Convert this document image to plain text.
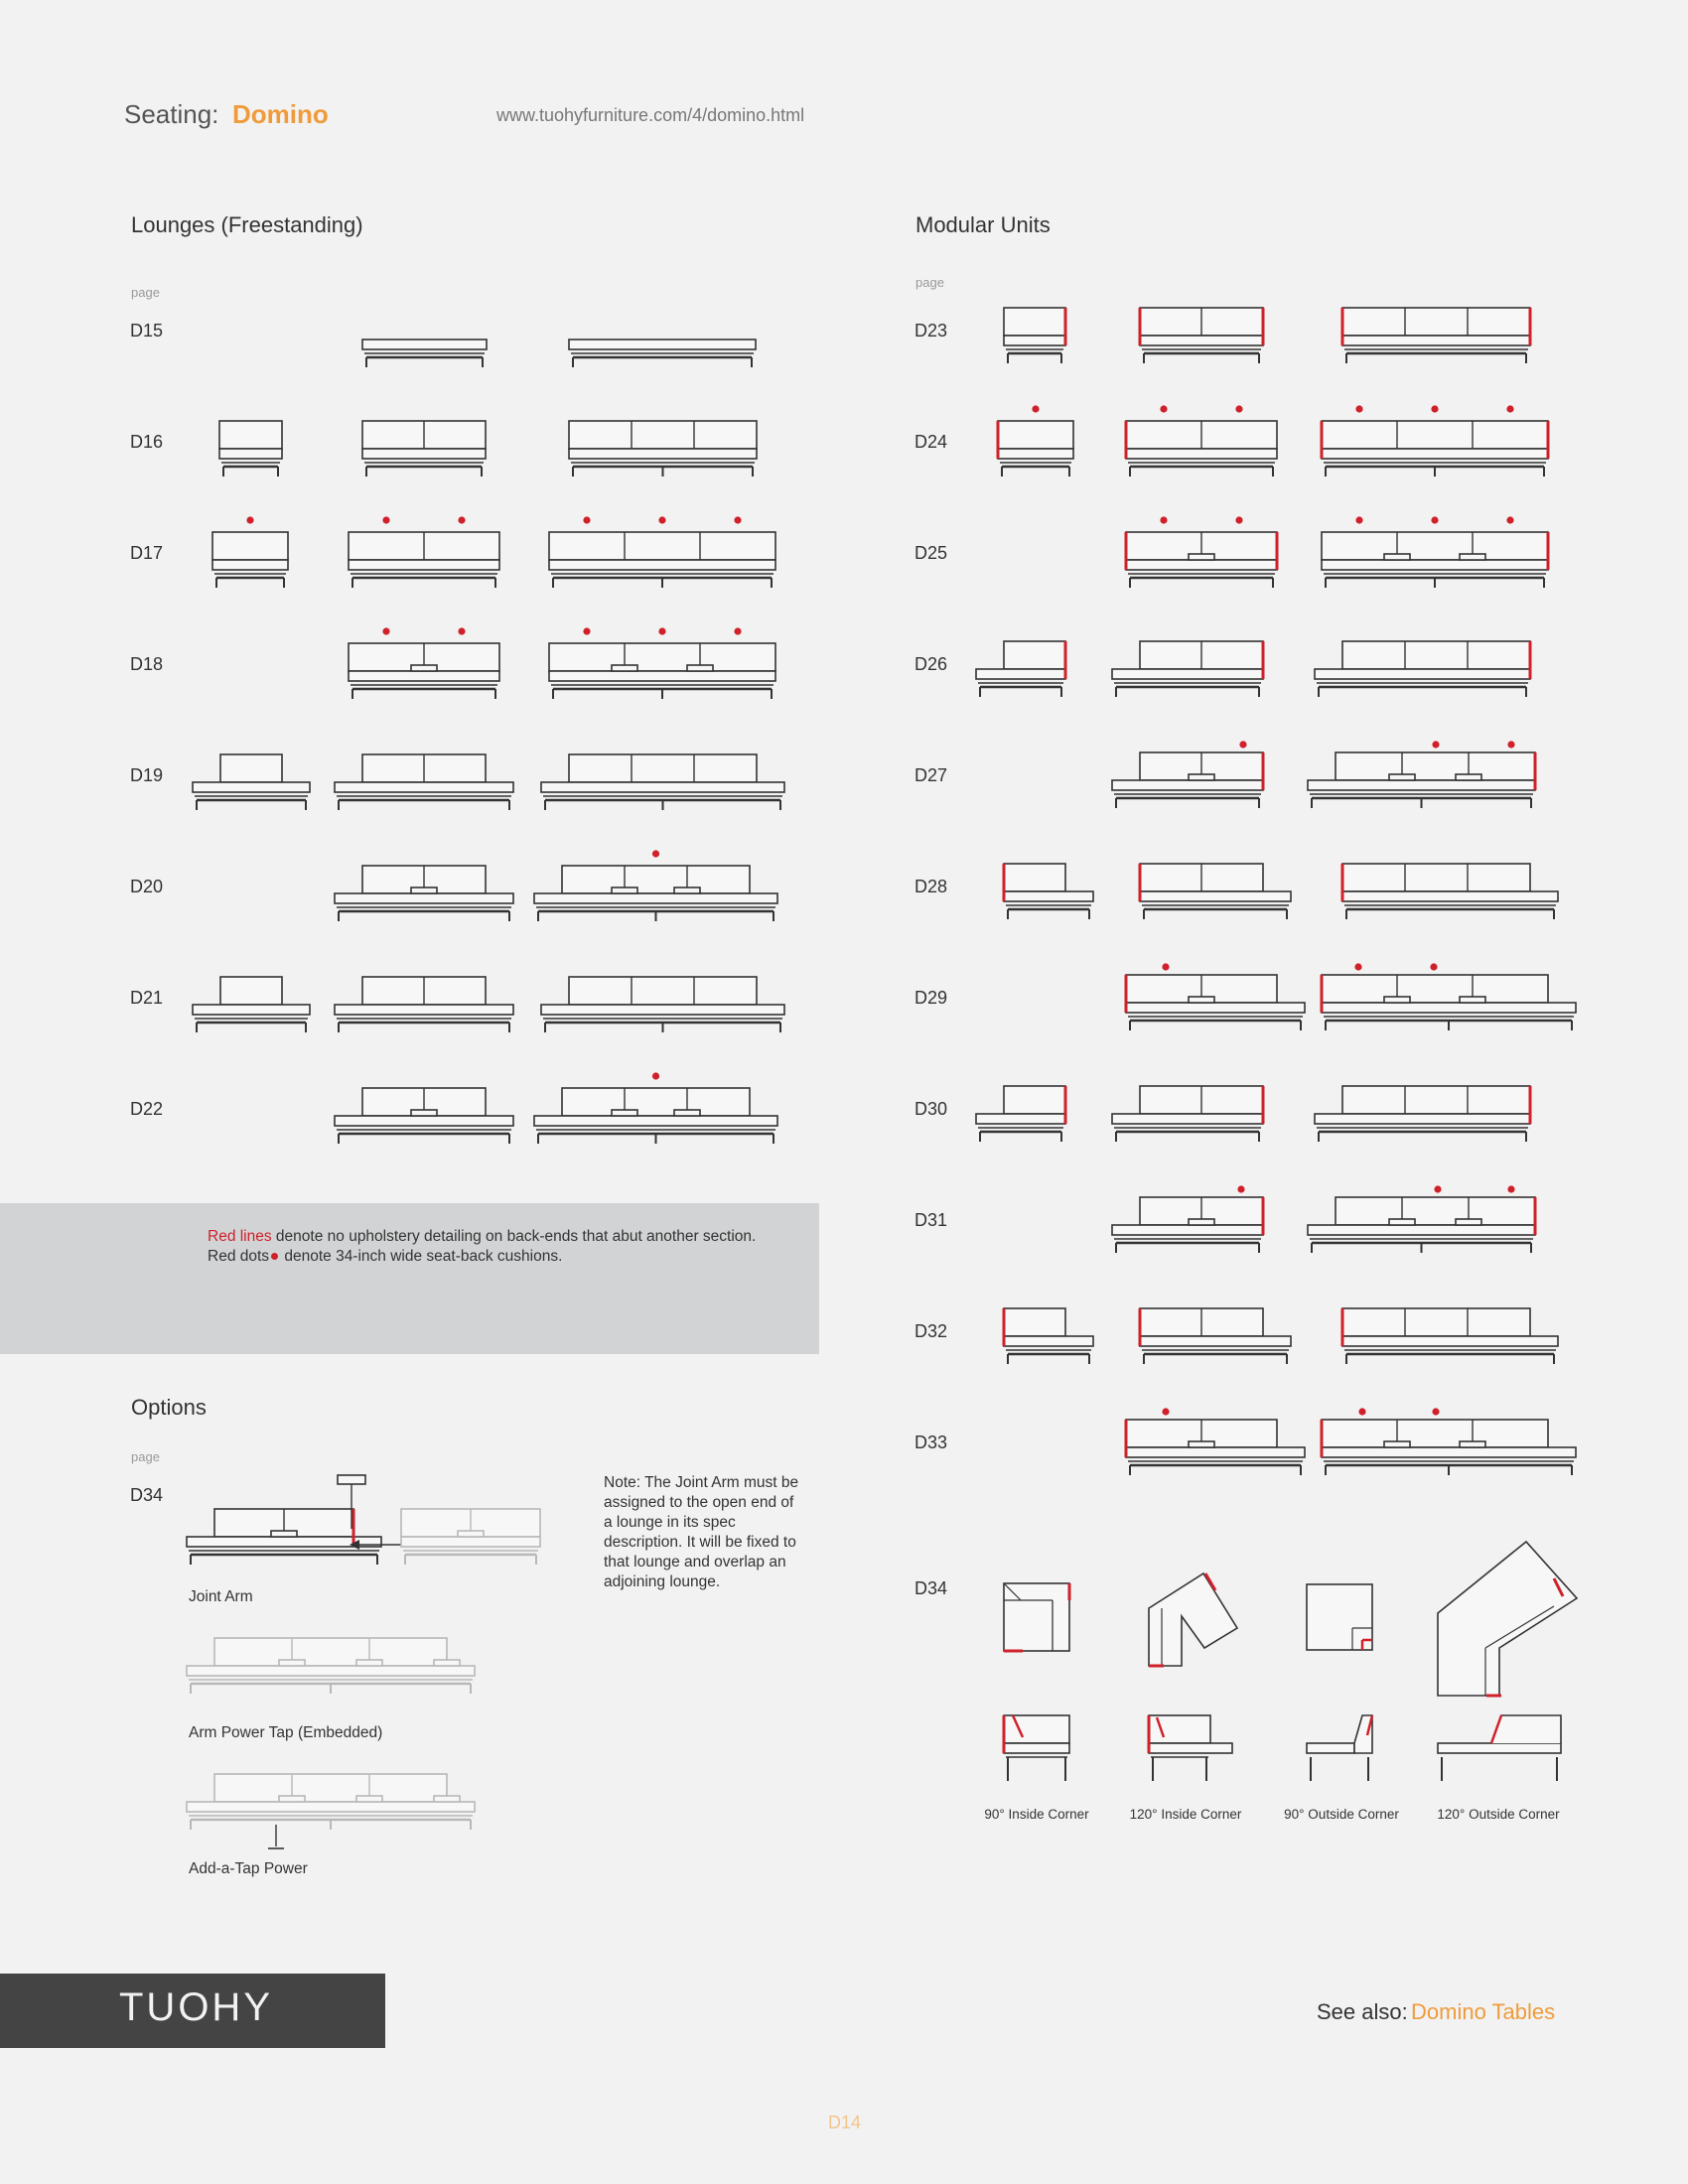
Seating: Domino	www.tuohyfurniture.com/4/domino.html
Lounges (Freestanding)
page
Modular Units
page
D15
D16
D17
D18
D19
D20
D21
D22
D23
D24
D25
D26
D27
D28
D29
D30
D31
D32
D33
D34
Red lines denote no upholstery detailing on back-ends that abut another section.
Red dots denote 34-inch wide seat-back cushions.
Options
page
D34
Joint Arm
Arm Power Tap (Embedded)
Add-a-Tap Power
Note: The Joint Arm must be assigned to the open end of a lounge in its spec description. It will be fixed to that lounge and overlap an adjoining lounge.
90° Inside Corner	120° Inside Corner	90° Outside Corner	120° Outside Corner
TUOHY	See also: Domino Tables
D14
